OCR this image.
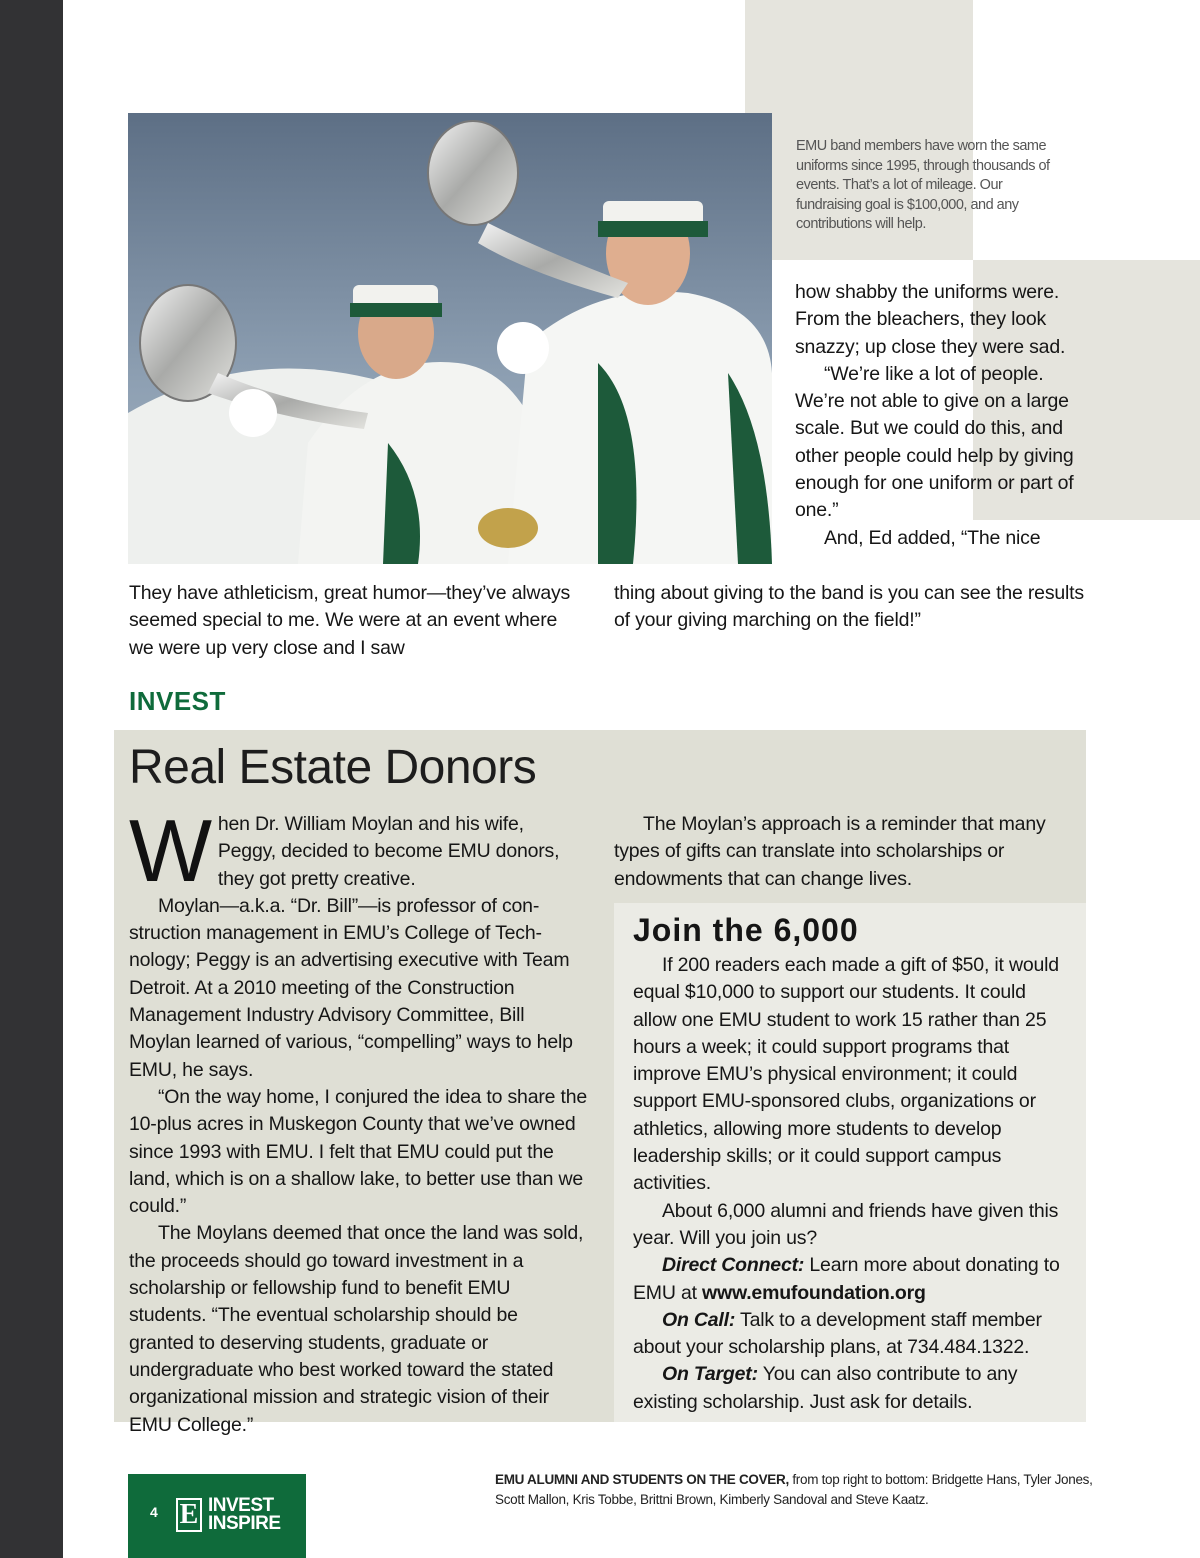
EMU band members have worn the same uniforms since 1995, through thousands of events. That’s a lot of mileage. Our fundraising goal is $100,000, and any contributions will help.

how shabby the uniforms were. From the bleachers, they look snazzy; up close they were sad.

“We’re like a lot of people. We’re not able to give on a large scale. But we could do this, and other people could help by giving enough for one uniform or part of one.”

And, Ed added, “The nice

They have athleticism, great humor—they’ve always seemed special to me. We were at an event where we were up very close and I saw

thing about giving to the band is you can see the results of your giving marching on the field!”

INVEST
Real Estate Donors

When Dr. William Moylan and his wife, Peggy, decided to become EMU donors, they got pretty creative.

Moylan—a.k.a. “Dr. Bill”—is professor of construction management in EMU’s College of Technology; Peggy is an advertising executive with Team Detroit. At a 2010 meeting of the Construction Management Industry Advisory Committee, Bill Moylan learned of various, “compelling” ways to help EMU, he says.

“On the way home, I conjured the idea to share the 10-plus acres in Muskegon County that we’ve owned since 1993 with EMU. I felt that EMU could put the land, which is on a shallow lake, to better use than we could.”

The Moylans deemed that once the land was sold, the proceeds should go toward investment in a scholarship or fellowship fund to benefit EMU students. “The eventual scholarship should be granted to deserving students, graduate or undergraduate who best worked toward the stated organizational mission and strategic vision of their EMU College.”

The Moylan’s approach is a reminder that many types of gifts can translate into scholarships or endowments that can change lives.

Join the 6,000

If 200 readers each made a gift of $50, it would equal $10,000 to support our students. It could allow one EMU student to work 15 rather than 25 hours a week; it could support programs that improve EMU’s physical environment; it could support EMU-sponsored clubs, organizations or athletics, allowing more students to develop leadership skills; or it could support campus activities.

About 6,000 alumni and friends have given this year. Will you join us?

Direct Connect: Learn more about donating to EMU at www.emufoundation.org

On Call: Talk to a development staff member about your scholarship plans, at 734.484.1322.

On Target: You can also contribute to any existing scholarship. Just ask for details.

4 E INVEST
INSPIRE
EMU ALUMNI AND STUDENTS ON THE COVER, from top right to bottom: Bridgette Hans, Tyler Jones, Scott Mallon, Kris Tobbe, Brittni Brown, Kimberly Sandoval and Steve Kaatz.
